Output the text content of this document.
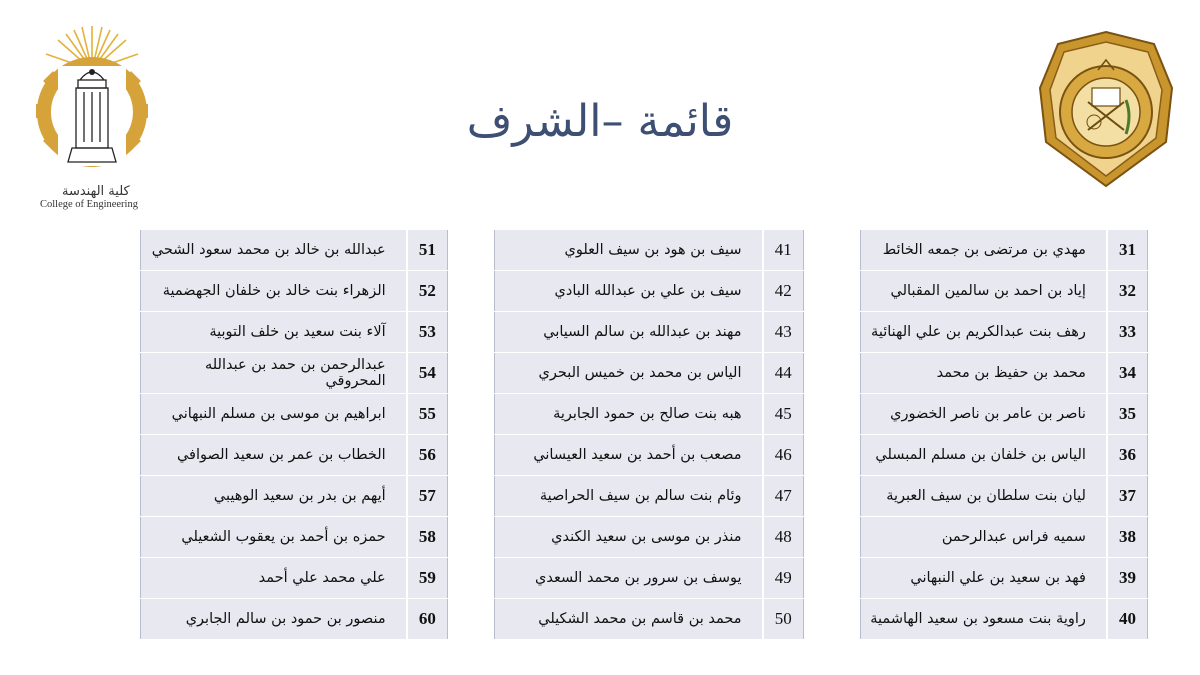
كلية الهندسة
College of Engineering
قائمة –الشرف
عبدالله بن خالد بن محمد سعود الشحي	51
الزهراء بنت خالد بن خلفان الجهضمية	52
آلاء بنت سعيد بن خلف التوبية	53
عبدالرحمن بن حمد بن عبدالله المحروقي	54
ابراهيم بن موسى بن مسلم النبهاني	55
الخطاب بن عمر بن سعيد الصوافي	56
أيهم بن بدر بن سعيد الوهيبي	57
حمزه بن أحمد بن يعقوب الشعيلي	58
علي محمد علي أحمد	59
منصور بن حمود بن سالم الجابري	60
سيف بن هود بن سيف العلوي	41
سيف بن علي بن عبدالله البادي	42
مهند بن عبدالله بن سالم السيابي	43
الياس بن محمد بن خميس البحري	44
هبه بنت صالح بن حمود الجابرية	45
مصعب بن أحمد بن سعيد العيساني	46
وئام بنت سالم بن سيف الحراصية	47
منذر بن موسى بن سعيد الكندي	48
يوسف بن سرور بن محمد السعدي	49
محمد بن قاسم بن محمد الشكيلي	50
مهدي بن مرتضى بن جمعه الخائط	31
إياد بن احمد بن سالمين المقبالي	32
رهف بنت عبدالكريم بن علي الهنائية	33
محمد بن حفيظ بن محمد	34
ناصر بن عامر بن ناصر الخضوري	35
الياس بن خلفان بن مسلم المبسلي	36
ليان بنت سلطان بن سيف العبرية	37
سميه فراس عبدالرحمن	38
فهد بن سعيد بن علي النبهاني	39
راوية بنت مسعود بن سعيد الهاشمية	40
